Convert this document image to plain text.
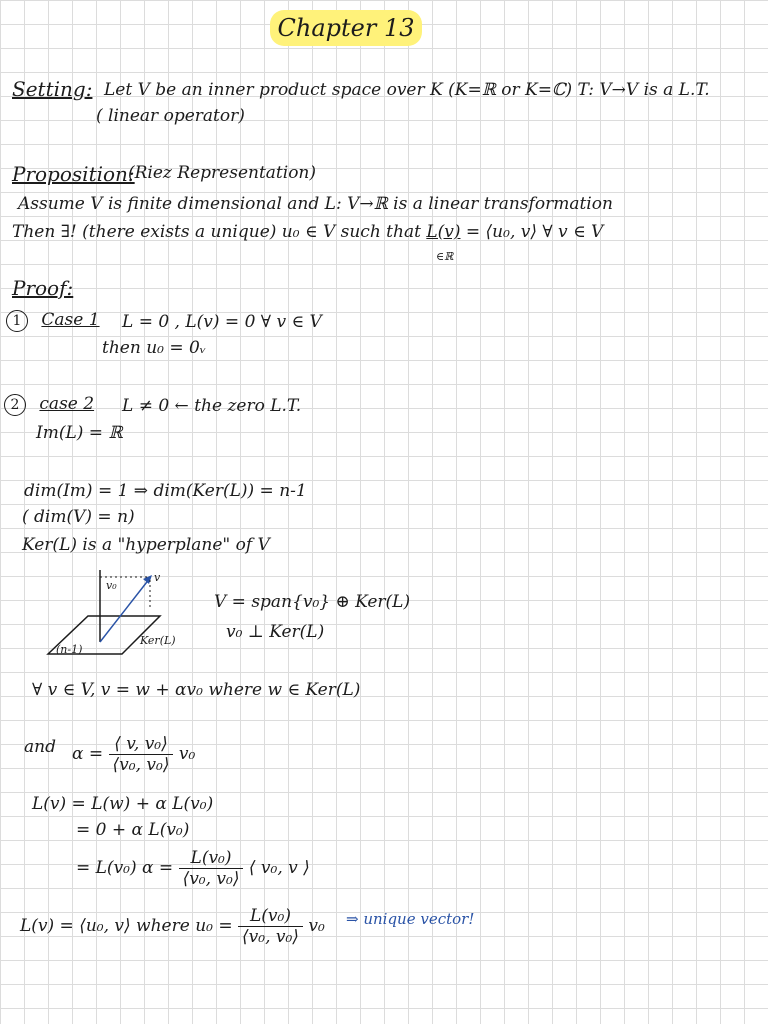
Chapter 13
Setting: Let V be an inner product space over K (K=ℝ or K=ℂ) T: V→V is a L.T.
( linear operator)
Proposition:
(Riez Representation)
Assume V is finite dimensional and L: V→ℝ is a linear transformation
Then ∃! (there exists a unique) u₀ ∈ V such that L(v) = ⟨u₀, v⟩ ∀ v ∈ V
∈ℝ
Proof:
1 Case 1 L = 0 , L(v) = 0 ∀ v ∈ V
then u₀ = 0ᵥ
2 case 2 L ≠ 0 ← the zero L.T.
Im(L) = ℝ
dim(Im) = 1 ⇒ dim(Ker(L)) = n-1
( dim(V) = n)
Ker(L) is a "hyperplane" of V
v₀
v
(n-1)
Ker(L)
V = span{v₀} ⊕ Ker(L)
v₀ ⊥ Ker(L)
∀ v ∈ V, v = w + αv₀ where w ∈ Ker(L)
and $\alpha = \frac{\text{⟨ v, v₀⟩}}{\text{⟨v₀, v₀⟩}} v_0$
L(v) = L(w) + α L(v₀)
= 0 + α L(v₀)
= L(v₀) $\alpha = \frac{\text{L(v₀)}}{\text{⟨v₀, v₀⟩}}$ ⟨ v₀, v ⟩
L(v) = ⟨u₀, v⟩ where $u_0 = \frac{\text{L(v₀)}}{\text{⟨v₀, v₀⟩}} v_0$ ⇒ unique vector!
